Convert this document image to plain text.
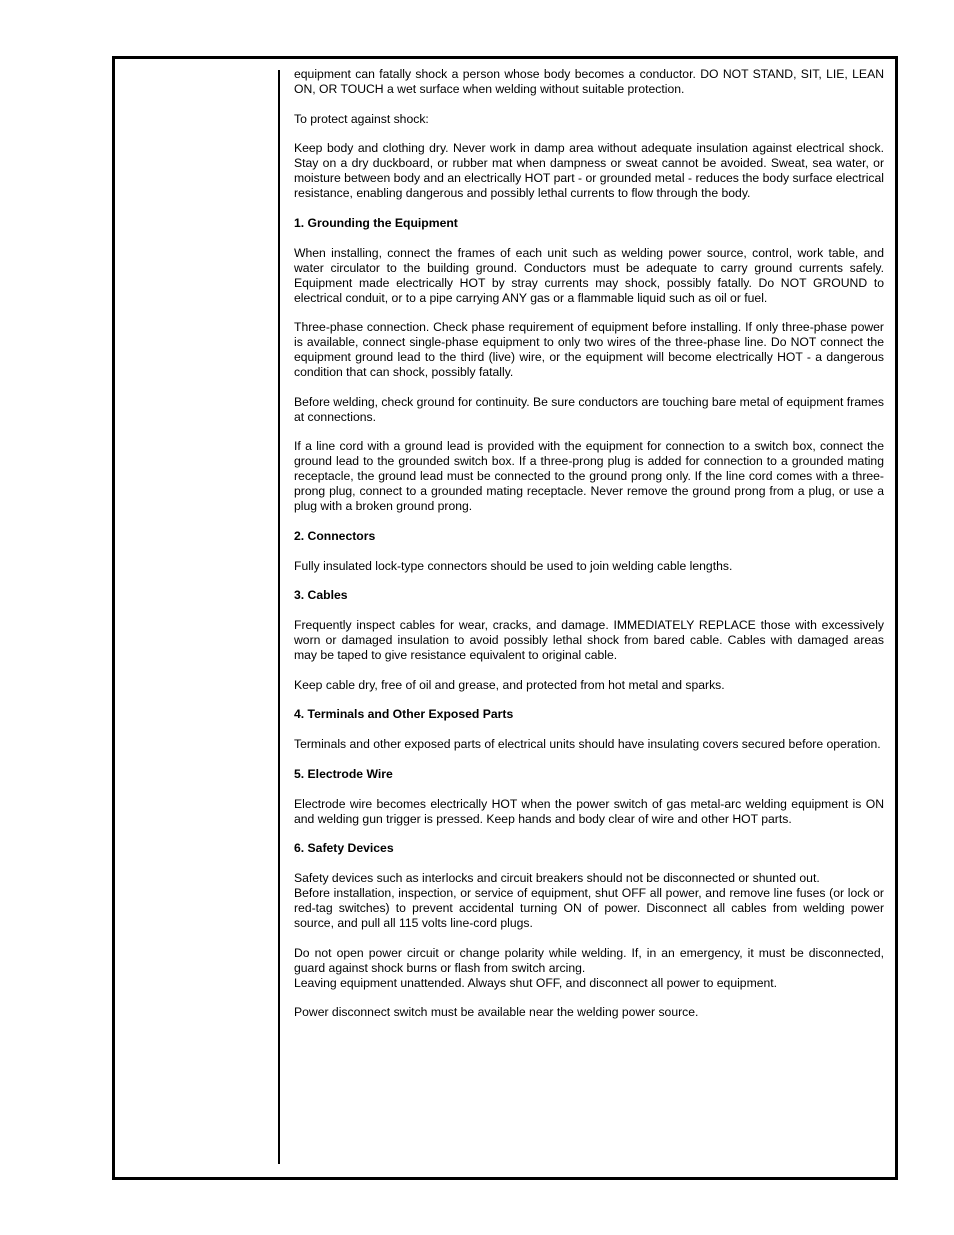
equipment can fatally shock a person whose body becomes a conductor. DO NOT STAND, SIT, LIE, LEAN ON, OR TOUCH a wet surface when welding without suitable protection.

To protect against shock:

Keep body and clothing dry. Never work in damp area without adequate insulation against electrical shock. Stay on a dry duckboard, or rubber mat when dampness or sweat cannot be avoided. Sweat, sea water, or moisture between body and an electrically HOT part - or grounded metal - reduces the body surface electrical resistance, enabling dangerous and possibly lethal currents to flow through the body.

1. Grounding the Equipment

When installing, connect the frames of each unit such as welding power source, control, work table, and water circulator to the building ground. Conductors must be adequate to carry ground currents safely. Equipment made electrically HOT by stray currents may shock, possibly fatally. Do NOT GROUND to electrical conduit, or to a pipe carrying ANY gas or a flammable liquid such as oil or fuel.

Three-phase connection. Check phase requirement of equipment before installing. If only three-phase power is available, connect single-phase equipment to only two wires of the three-phase line. Do NOT connect the equipment ground lead to the third (live) wire, or the equipment will become electrically HOT - a dangerous condition that can shock, possibly fatally.

Before welding, check ground for continuity. Be sure conductors are touching bare metal of equipment frames at connections.

If a line cord with a ground lead is provided with the equipment for connection to a switch box, connect the ground lead to the grounded switch box. If a three-prong plug is added for connection to a grounded mating receptacle, the ground lead must be connected to the ground prong only. If the line cord comes with a three-prong plug, connect to a grounded mating receptacle. Never remove the ground prong from a plug, or use a plug with a broken ground prong.

2. Connectors

Fully insulated lock-type connectors should be used to join welding cable lengths.

3. Cables

Frequently inspect cables for wear, cracks, and damage. IMMEDIATELY REPLACE those with excessively worn or damaged insulation to avoid possibly lethal shock from bared cable. Cables with damaged areas may be taped to give resistance equivalent to original cable.

Keep cable dry, free of oil and grease, and protected from hot metal and sparks.

4. Terminals and Other Exposed Parts

Terminals and other exposed parts of electrical units should have insulating covers secured before operation.

5. Electrode Wire

Electrode wire becomes electrically HOT when the power switch of gas metal-arc welding equipment is ON and welding gun trigger is pressed. Keep hands and body clear of wire and other HOT parts.

6. Safety Devices

Safety devices such as interlocks and circuit breakers should not be disconnected or shunted out.

Before installation, inspection, or service of equipment, shut OFF all power, and remove line fuses (or lock or red-tag switches) to prevent accidental turning ON of power. Disconnect all cables from welding power source, and pull all 115 volts line-cord plugs.

Do not open power circuit or change polarity while welding. If, in an emergency, it must be disconnected, guard against shock burns or flash from switch arcing.

Leaving equipment unattended. Always shut OFF, and disconnect all power to equipment.

Power disconnect switch must be available near the welding power source.
